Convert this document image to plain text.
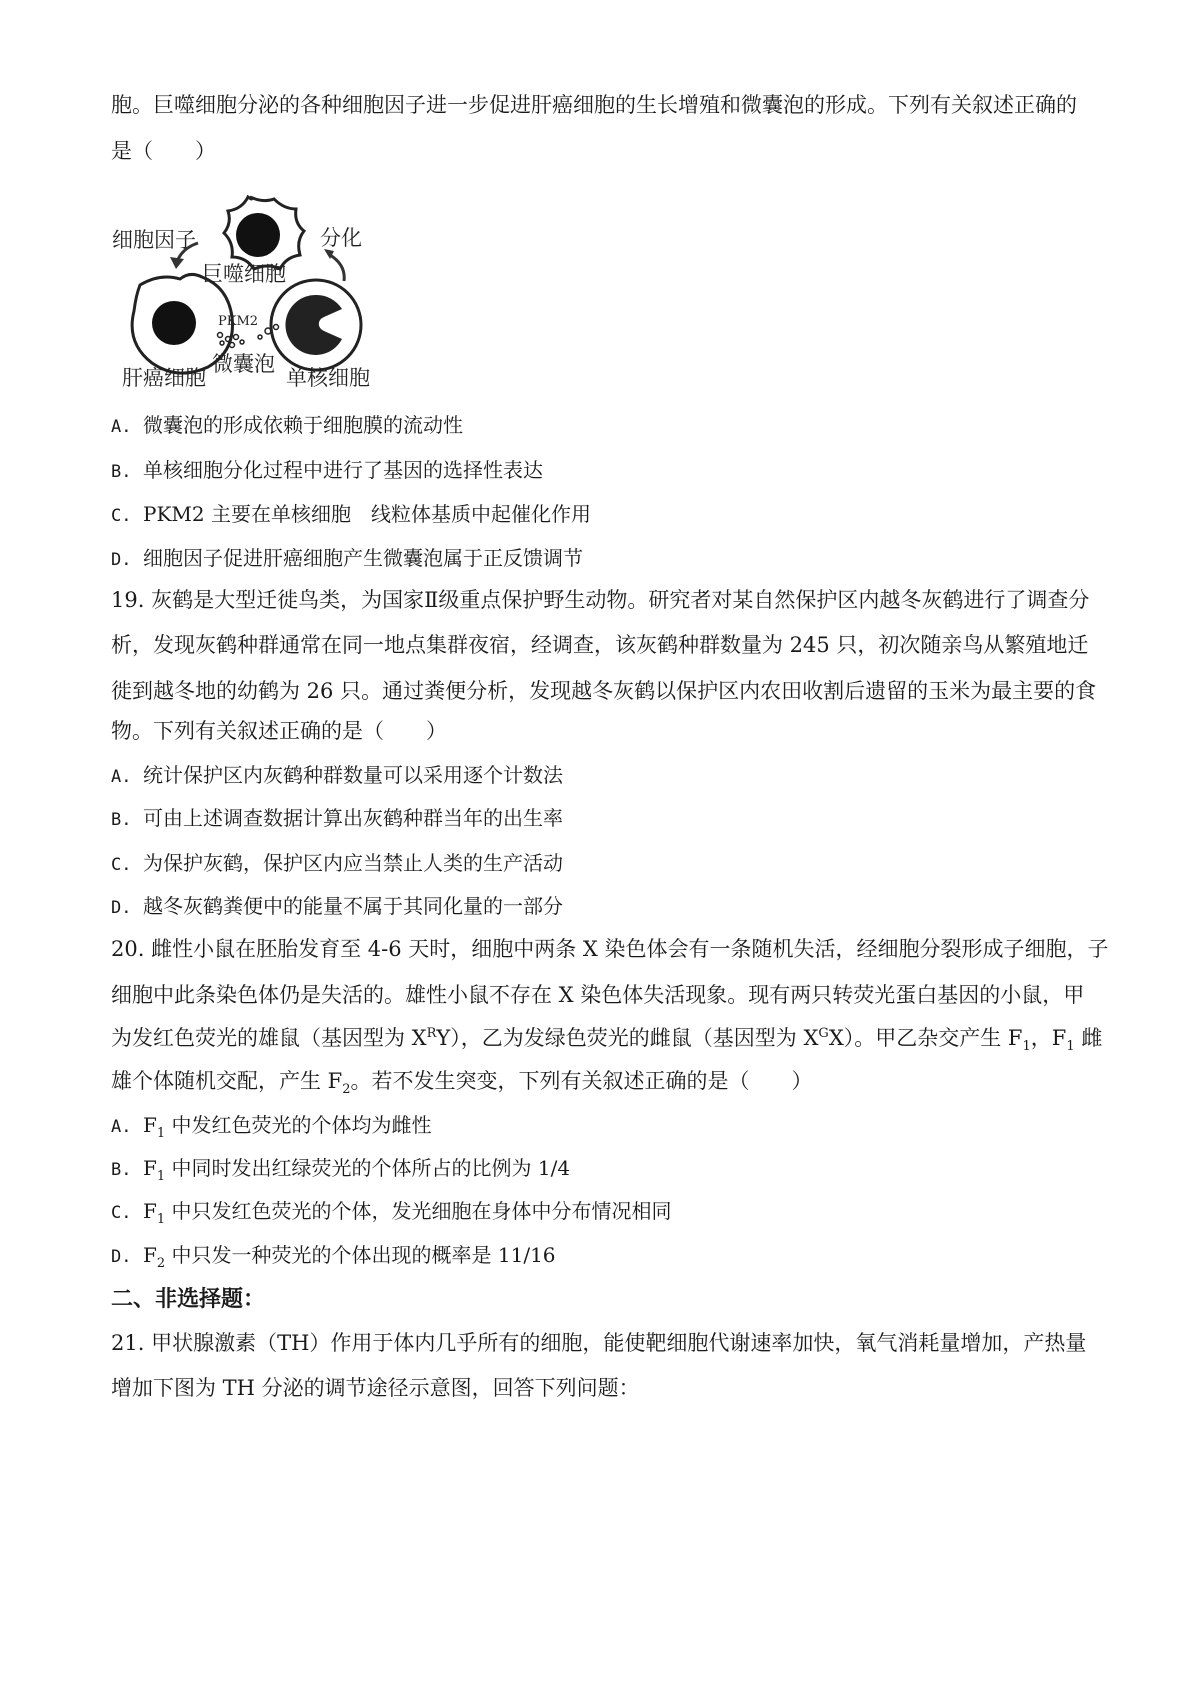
胞。巨噬细胞分泌的各种细胞因子进一步促进肝癌细胞的生长增殖和微囊泡的形成。下列有关叙述正确的
是（　　）
细胞因子	分化
巨噬细胞
PKM2
微囊泡
肝癌细胞	单核细胞
A. 微囊泡的形成依赖于细胞膜的流动性
B. 单核细胞分化过程中进行了基因的选择性表达
C. PKM2 主要在单核细胞　线粒体基质中起催化作用
D. 细胞因子促进肝癌细胞产生微囊泡属于正反馈调节
19. 灰鹤是大型迁徙鸟类，为国家Ⅱ级重点保护野生动物。研究者对某自然保护区内越冬灰鹤进行了调查分
析，发现灰鹤种群通常在同一地点集群夜宿，经调查，该灰鹤种群数量为 245 只，初次随亲鸟从繁殖地迁
徙到越冬地的幼鹤为 26 只。通过粪便分析，发现越冬灰鹤以保护区内农田收割后遗留的玉米为最主要的食
物。下列有关叙述正确的是（　　）
A. 统计保护区内灰鹤种群数量可以采用逐个计数法
B. 可由上述调查数据计算出灰鹤种群当年的出生率
C. 为保护灰鹤，保护区内应当禁止人类的生产活动
D. 越冬灰鹤粪便中的能量不属于其同化量的一部分
20. 雌性小鼠在胚胎发育至 4-6 天时，细胞中两条 X 染色体会有一条随机失活，经细胞分裂形成子细胞，子
细胞中此条染色体仍是失活的。雄性小鼠不存在 X 染色体失活现象。现有两只转荧光蛋白基因的小鼠，甲
为发红色荧光的雄鼠（基因型为 $X^RY$），乙为发绿色荧光的雌鼠（基因型为 $X^GX$）。甲乙杂交产生 $F_1$，$F_1$ 雌
雄个体随机交配，产生 $F_2$。若不发生突变，下列有关叙述正确的是（　　）
A. $F_1$ 中发红色荧光的个体均为雌性
B. $F_1$ 中同时发出红绿荧光的个体所占的比例为 1/4
C. $F_1$ 中只发红色荧光的个体，发光细胞在身体中分布情况相同
D. $F_2$ 中只发一种荧光的个体出现的概率是 11/16
二、非选择题：
21. 甲状腺激素（TH）作用于体内几乎所有的细胞，能使靶细胞代谢速率加快，氧气消耗量增加，产热量
增加下图为 TH 分泌的调节途径示意图，回答下列问题：
